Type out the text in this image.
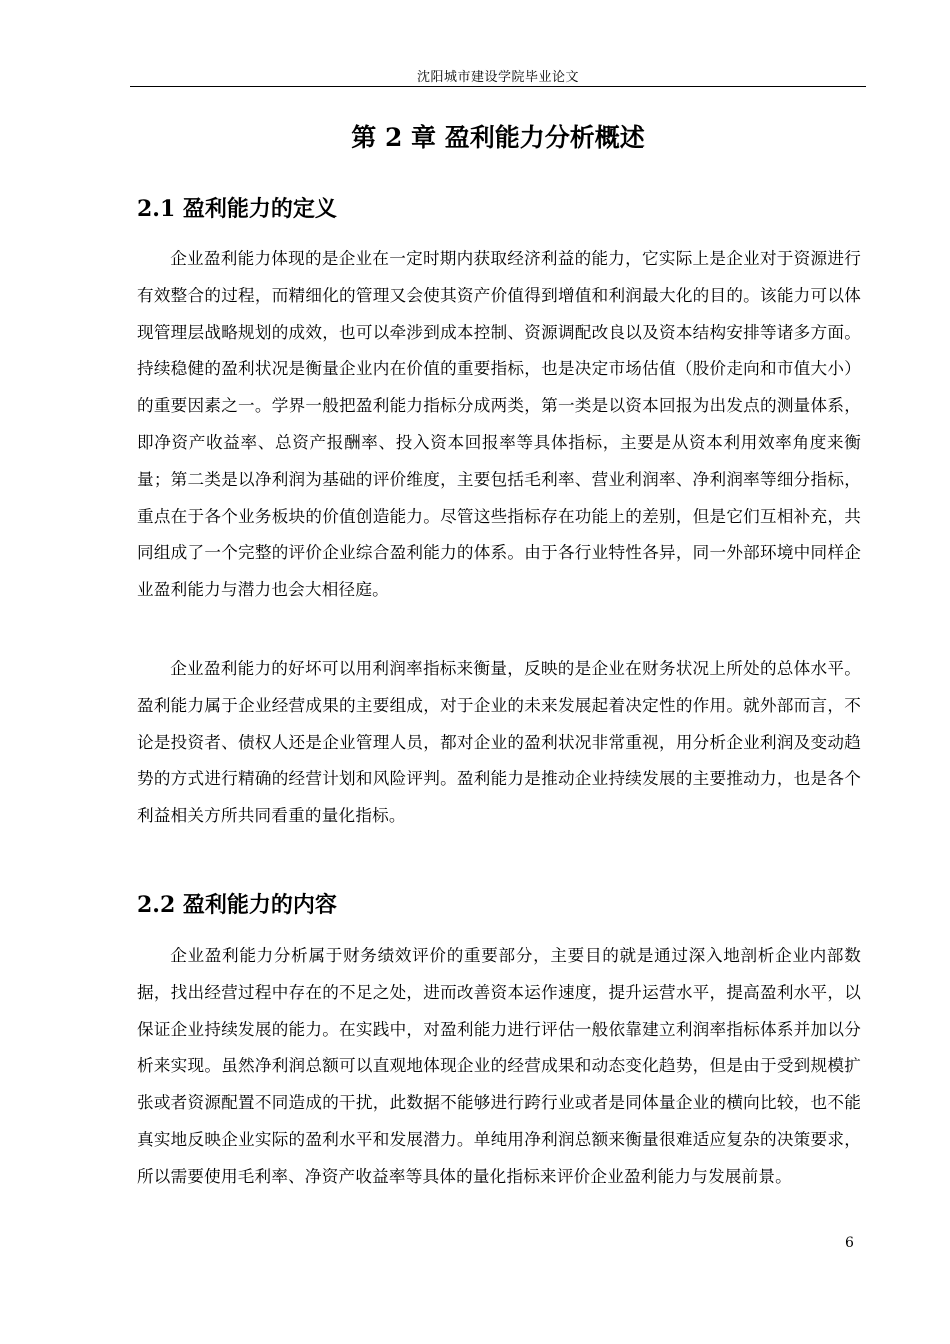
沈阳城市建设学院毕业论文
第 2 章 盈利能力分析概述
2.1 盈利能力的定义

企业盈利能力体现的是企业在一定时期内获取经济利益的能力，它实际上是企业对于资源进行有效整合的过程，而精细化的管理又会使其资产价值得到增值和利润最大化的目的。该能力可以体现管理层战略规划的成效，也可以牵涉到成本控制、资源调配改良以及资本结构安排等诸多方面。持续稳健的盈利状况是衡量企业内在价值的重要指标，也是决定市场估值（股价走向和市值大小）的重要因素之一。学界一般把盈利能力指标分成两类，第一类是以资本回报为出发点的测量体系，即净资产收益率、总资产报酬率、投入资本回报率等具体指标，主要是从资本利用效率角度来衡量；第二类是以净利润为基础的评价维度，主要包括毛利率、营业利润率、净利润率等细分指标，重点在于各个业务板块的价值创造能力。尽管这些指标存在功能上的差别，但是它们互相补充，共同组成了一个完整的评价企业综合盈利能力的体系。由于各行业特性各异，同一外部环境中同样企业盈利能力与潜力也会大相径庭。

企业盈利能力的好坏可以用利润率指标来衡量，反映的是企业在财务状况上所处的总体水平。盈利能力属于企业经营成果的主要组成，对于企业的未来发展起着决定性的作用。就外部而言，不论是投资者、债权人还是企业管理人员，都对企业的盈利状况非常重视，用分析企业利润及变动趋势的方式进行精确的经营计划和风险评判。盈利能力是推动企业持续发展的主要推动力，也是各个利益相关方所共同看重的量化指标。

2.2 盈利能力的内容

企业盈利能力分析属于财务绩效评价的重要部分，主要目的就是通过深入地剖析企业内部数据，找出经营过程中存在的不足之处，进而改善资本运作速度，提升运营水平，提高盈利水平，以保证企业持续发展的能力。在实践中，对盈利能力进行评估一般依靠建立利润率指标体系并加以分析来实现。虽然净利润总额可以直观地体现企业的经营成果和动态变化趋势，但是由于受到规模扩张或者资源配置不同造成的干扰，此数据不能够进行跨行业或者是同体量企业的横向比较，也不能真实地反映企业实际的盈利水平和发展潜力。单纯用净利润总额来衡量很难适应复杂的决策要求，所以需要使用毛利率、净资产收益率等具体的量化指标来评价企业盈利能力与发展前景。

6
